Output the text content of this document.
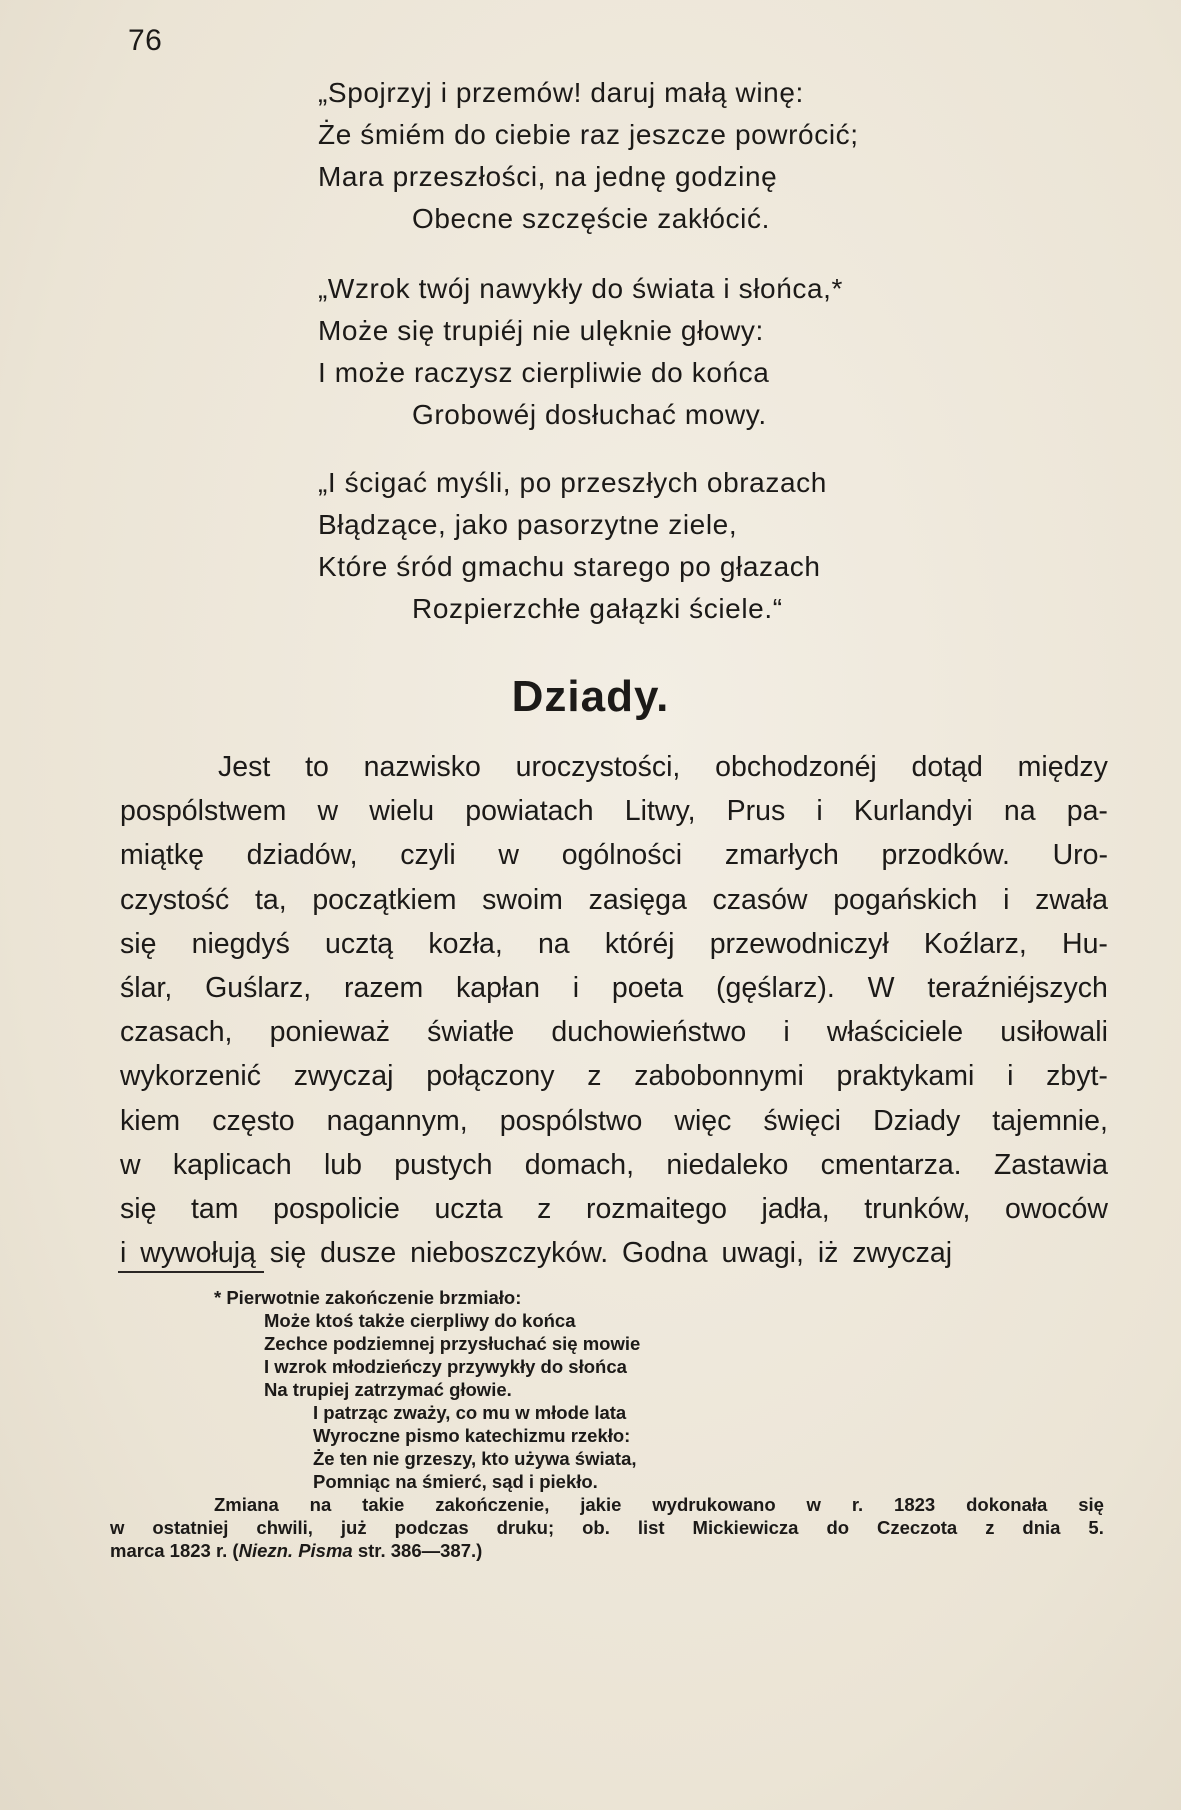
76
„Spojrzyj i przemów! daruj małą winę:
Że śmiém do ciebie raz jeszcze powrócić;
Mara przeszłości, na jednę godzinę
Obecne szczęście zakłócić.
„Wzrok twój nawykły do świata i słońca,*
Może się trupiéj nie ulęknie głowy:
I może raczysz cierpliwie do końca
Grobowéj dosłuchać mowy.
„I ścigać myśli, po przeszłych obrazach
Błądzące, jako pasorzytne ziele,
Które śród gmachu starego po głazach
Rozpierzchłe gałązki ściele.“
Dziady.
Jest to nazwisko uroczystości, obchodzonéj dotąd między
pospólstwem w wielu powiatach Litwy, Prus i Kurlandyi na pa-
miątkę dziadów, czyli w ogólności zmarłych przodków. Uro-
czystość ta, początkiem swoim zasięga czasów pogańskich i zwała
się niegdyś ucztą kozła, na któréj przewodniczył Koźlarz, Hu-
ślar, Guślarz, razem kapłan i poeta (gęślarz). W teraźniéjszych
czasach, ponieważ światłe duchowieństwo i właściciele usiłowali
wykorzenić zwyczaj połączony z zabobonnymi praktykami i zbyt-
kiem często nagannym, pospólstwo więc święci Dziady tajemnie,
w kaplicach lub pustych domach, niedaleko cmentarza. Zastawia
się tam pospolicie uczta z rozmaitego jadła, trunków, owoców
i wywołują się dusze nieboszczyków. Godna uwagi, iż zwyczaj
* Pierwotnie zakończenie brzmiało:
Może ktoś także cierpliwy do końca
Zechce podziemnej przysłuchać się mowie
I wzrok młodzieńczy przywykły do słońca
Na trupiej zatrzymać głowie.
I patrząc zważy, co mu w młode lata
Wyroczne pismo katechizmu rzekło:
Że ten nie grzeszy, kto używa świata,
Pomniąc na śmierć, sąd i piekło.
Zmiana na takie zakończenie, jakie wydrukowano w r. 1823 dokonała się
w ostatniej chwili, już podczas druku; ob. list Mickiewicza do Czeczota z dnia 5.
marca 1823 r. (Niezn. Pisma str. 386—387.)
